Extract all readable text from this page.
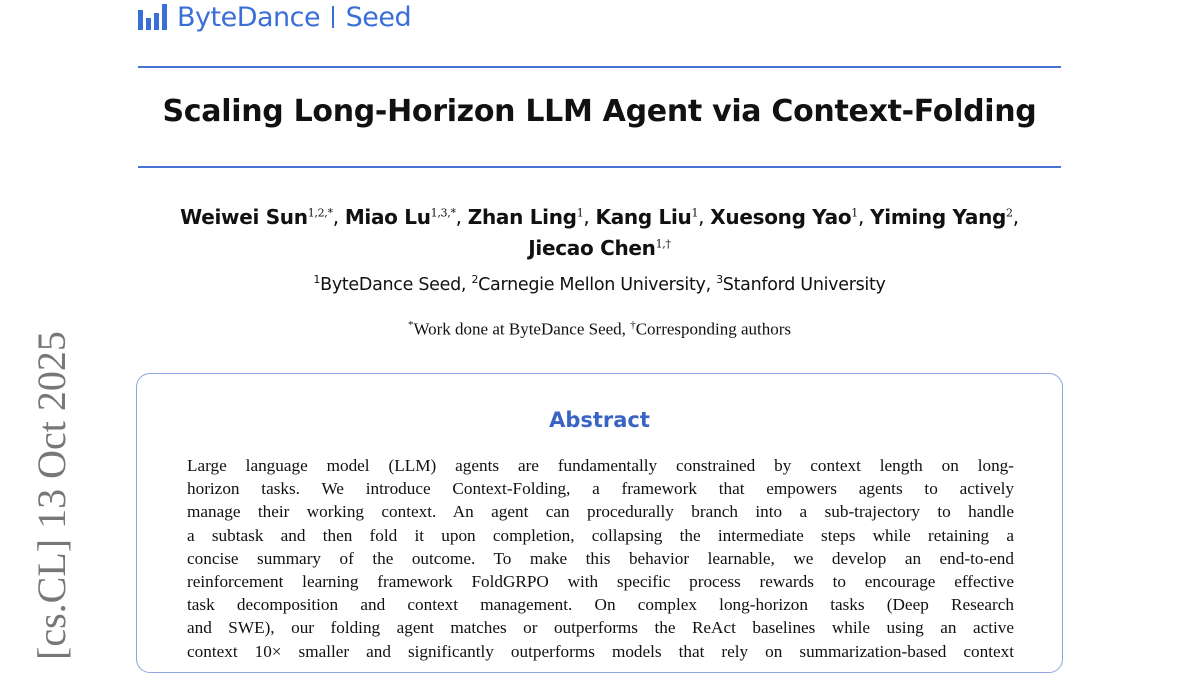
ByteDance Seed
Scaling Long-Horizon LLM Agent via Context-Folding
Weiwei Sun$^{1,2,*}$, Miao $Lu^{1,3,*}$, Zhan Ling$^1$, Kang Liu$^1$, Xuesong Yao$^1$, Yiming Yang$^2$,
Jiecao Chen$^{1,\dagger}$
$^1$ByteDance Seed, $^2$Carnegie Mellon University, $^3$Stanford University
*Work done at ByteDance Seed, †Corresponding authors
Abstract
Large language model (LLM) agents are fundamentally constrained by context length on long-
horizon tasks. We introduce Context-Folding, a framework that empowers agents to actively
manage their working context. An agent can procedurally branch into a sub-trajectory to handle
a subtask and then fold it upon completion, collapsing the intermediate steps while retaining a
concise summary of the outcome. To make this behavior learnable, we develop an end-to-end
reinforcement learning framework FoldGRPO with specific process rewards to encourage effective
task decomposition and context management. On complex long-horizon tasks (Deep Research
and SWE), our folding agent matches or outperforms the ReAct baselines while using an active
context 10× smaller and significantly outperforms models that rely on summarization-based context
[cs.CL] 13 Oct 2025
